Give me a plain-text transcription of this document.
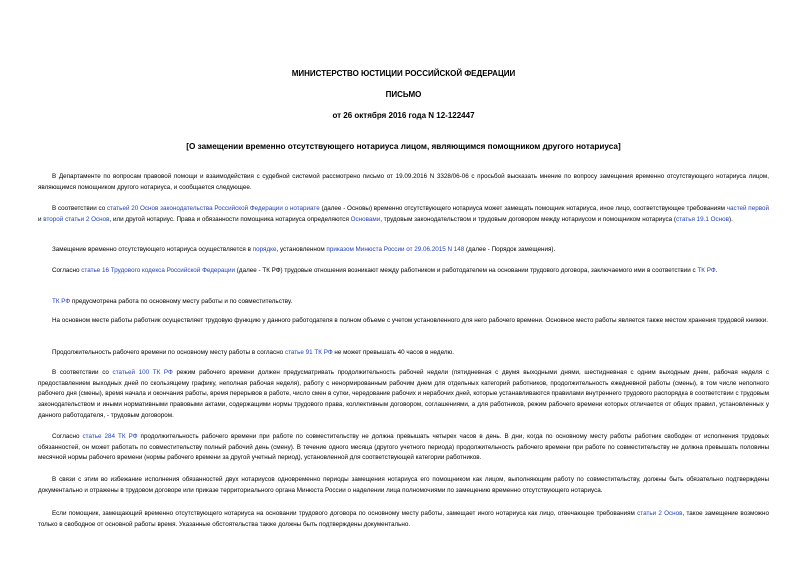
МИНИСТЕРСТВО ЮСТИЦИИ РОССИЙСКОЙ ФЕДЕРАЦИИ
ПИСЬМО
от 26 октября 2016 года N 12-122447
[О замещении временно отсутствующего нотариуса лицом, являющимся помощником другого нотариуса]
В Департаменте по вопросам правовой помощи и взаимодействия с судебной системой рассмотрено письмо от 19.09.2016 N 3328/06-06 с просьбой высказать мнение по вопросу замещения временно отсутствующего нотариуса лицом, являющимся помощником другого нотариуса, и сообщается следующее.
В соответствии со статьей 20 Основ законодательства Российской Федерации о нотариате (далее - Основы) временно отсутствующего нотариуса может замещать помощник нотариуса, иное лицо, соответствующее требованиям частей первой и второй статьи 2 Основ, или другой нотариус. Права и обязанности помощника нотариуса определяются Основами, трудовым законодательством и трудовым договором между нотариусом и помощником нотариуса (статья 19.1 Основ).
Замещение временно отсутствующего нотариуса осуществляется в порядке, установленном приказом Минюста России от 29.06.2015 N 148 (далее - Порядок замещения).
Согласно статье 16 Трудового кодекса Российской Федерации (далее - ТК РФ) трудовые отношения возникают между работником и работодателем на основании трудового договора, заключаемого ими в соответствии с ТК РФ.
ТК РФ предусмотрена работа по основному месту работы и по совместительству.
На основном месте работы работник осуществляет трудовую функцию у данного работодателя в полном объеме с учетом установленного для него рабочего времени. Основное место работы является также местом хранения трудовой книжки.
Продолжительность рабочего времени по основному месту работы в согласно статье 91 ТК РФ не может превышать 40 часов в неделю.
В соответствии со статьей 100 ТК РФ режим рабочего времени должен предусматривать продолжительность рабочей недели (пятидневная с двумя выходными днями, шестидневная с одним выходным днем, рабочая неделя с предоставлением выходных дней по скользящему графику, неполная рабочая неделя), работу с ненормированным рабочим днем для отдельных категорий работников, продолжительность ежедневной работы (смены), в том числе неполного рабочего дня (смены), время начала и окончания работы, время перерывов в работе, число смен в сутки, чередование рабочих и нерабочих дней, которые устанавливаются правилами внутреннего трудового распорядка в соответствии с трудовым законодательством и иными нормативными правовыми актами, содержащими нормы трудового права, коллективным договором, соглашениями, а для работников, режим рабочего времени которых отличается от общих правил, установленных у данного работодателя, - трудовым договором.
Согласно статье 284 ТК РФ продолжительность рабочего времени при работе по совместительству не должна превышать четырех часов в день. В дни, когда по основному месту работы работник свободен от исполнения трудовых обязанностей, он может работать по совместительству полный рабочий день (смену). В течение одного месяца (другого учетного периода) продолжительность рабочего времени при работе по совместительству не должна превышать половины месячной нормы рабочего времени (нормы рабочего времени за другой учетный период), установленной для соответствующей категории работников.
В связи с этим во избежание исполнения обязанностей двух нотариусов одновременно периоды замещения нотариуса его помощником как лицом, выполняющим работу по совместительству, должны быть обязательно подтверждены документально и отражены в трудовом договоре или приказе территориального органа Минюста России о наделении лица полномочиями по замещению временно отсутствующего нотариуса.
Если помощник, замещающий временно отсутствующего нотариуса на основании трудового договора по основному месту работы, замещает иного нотариуса как лицо, отвечающее требованиям статьи 2 Основ, такое замещение возможно только в свободное от основной работы время. Указанные обстоятельства также должны быть подтверждены документально.
